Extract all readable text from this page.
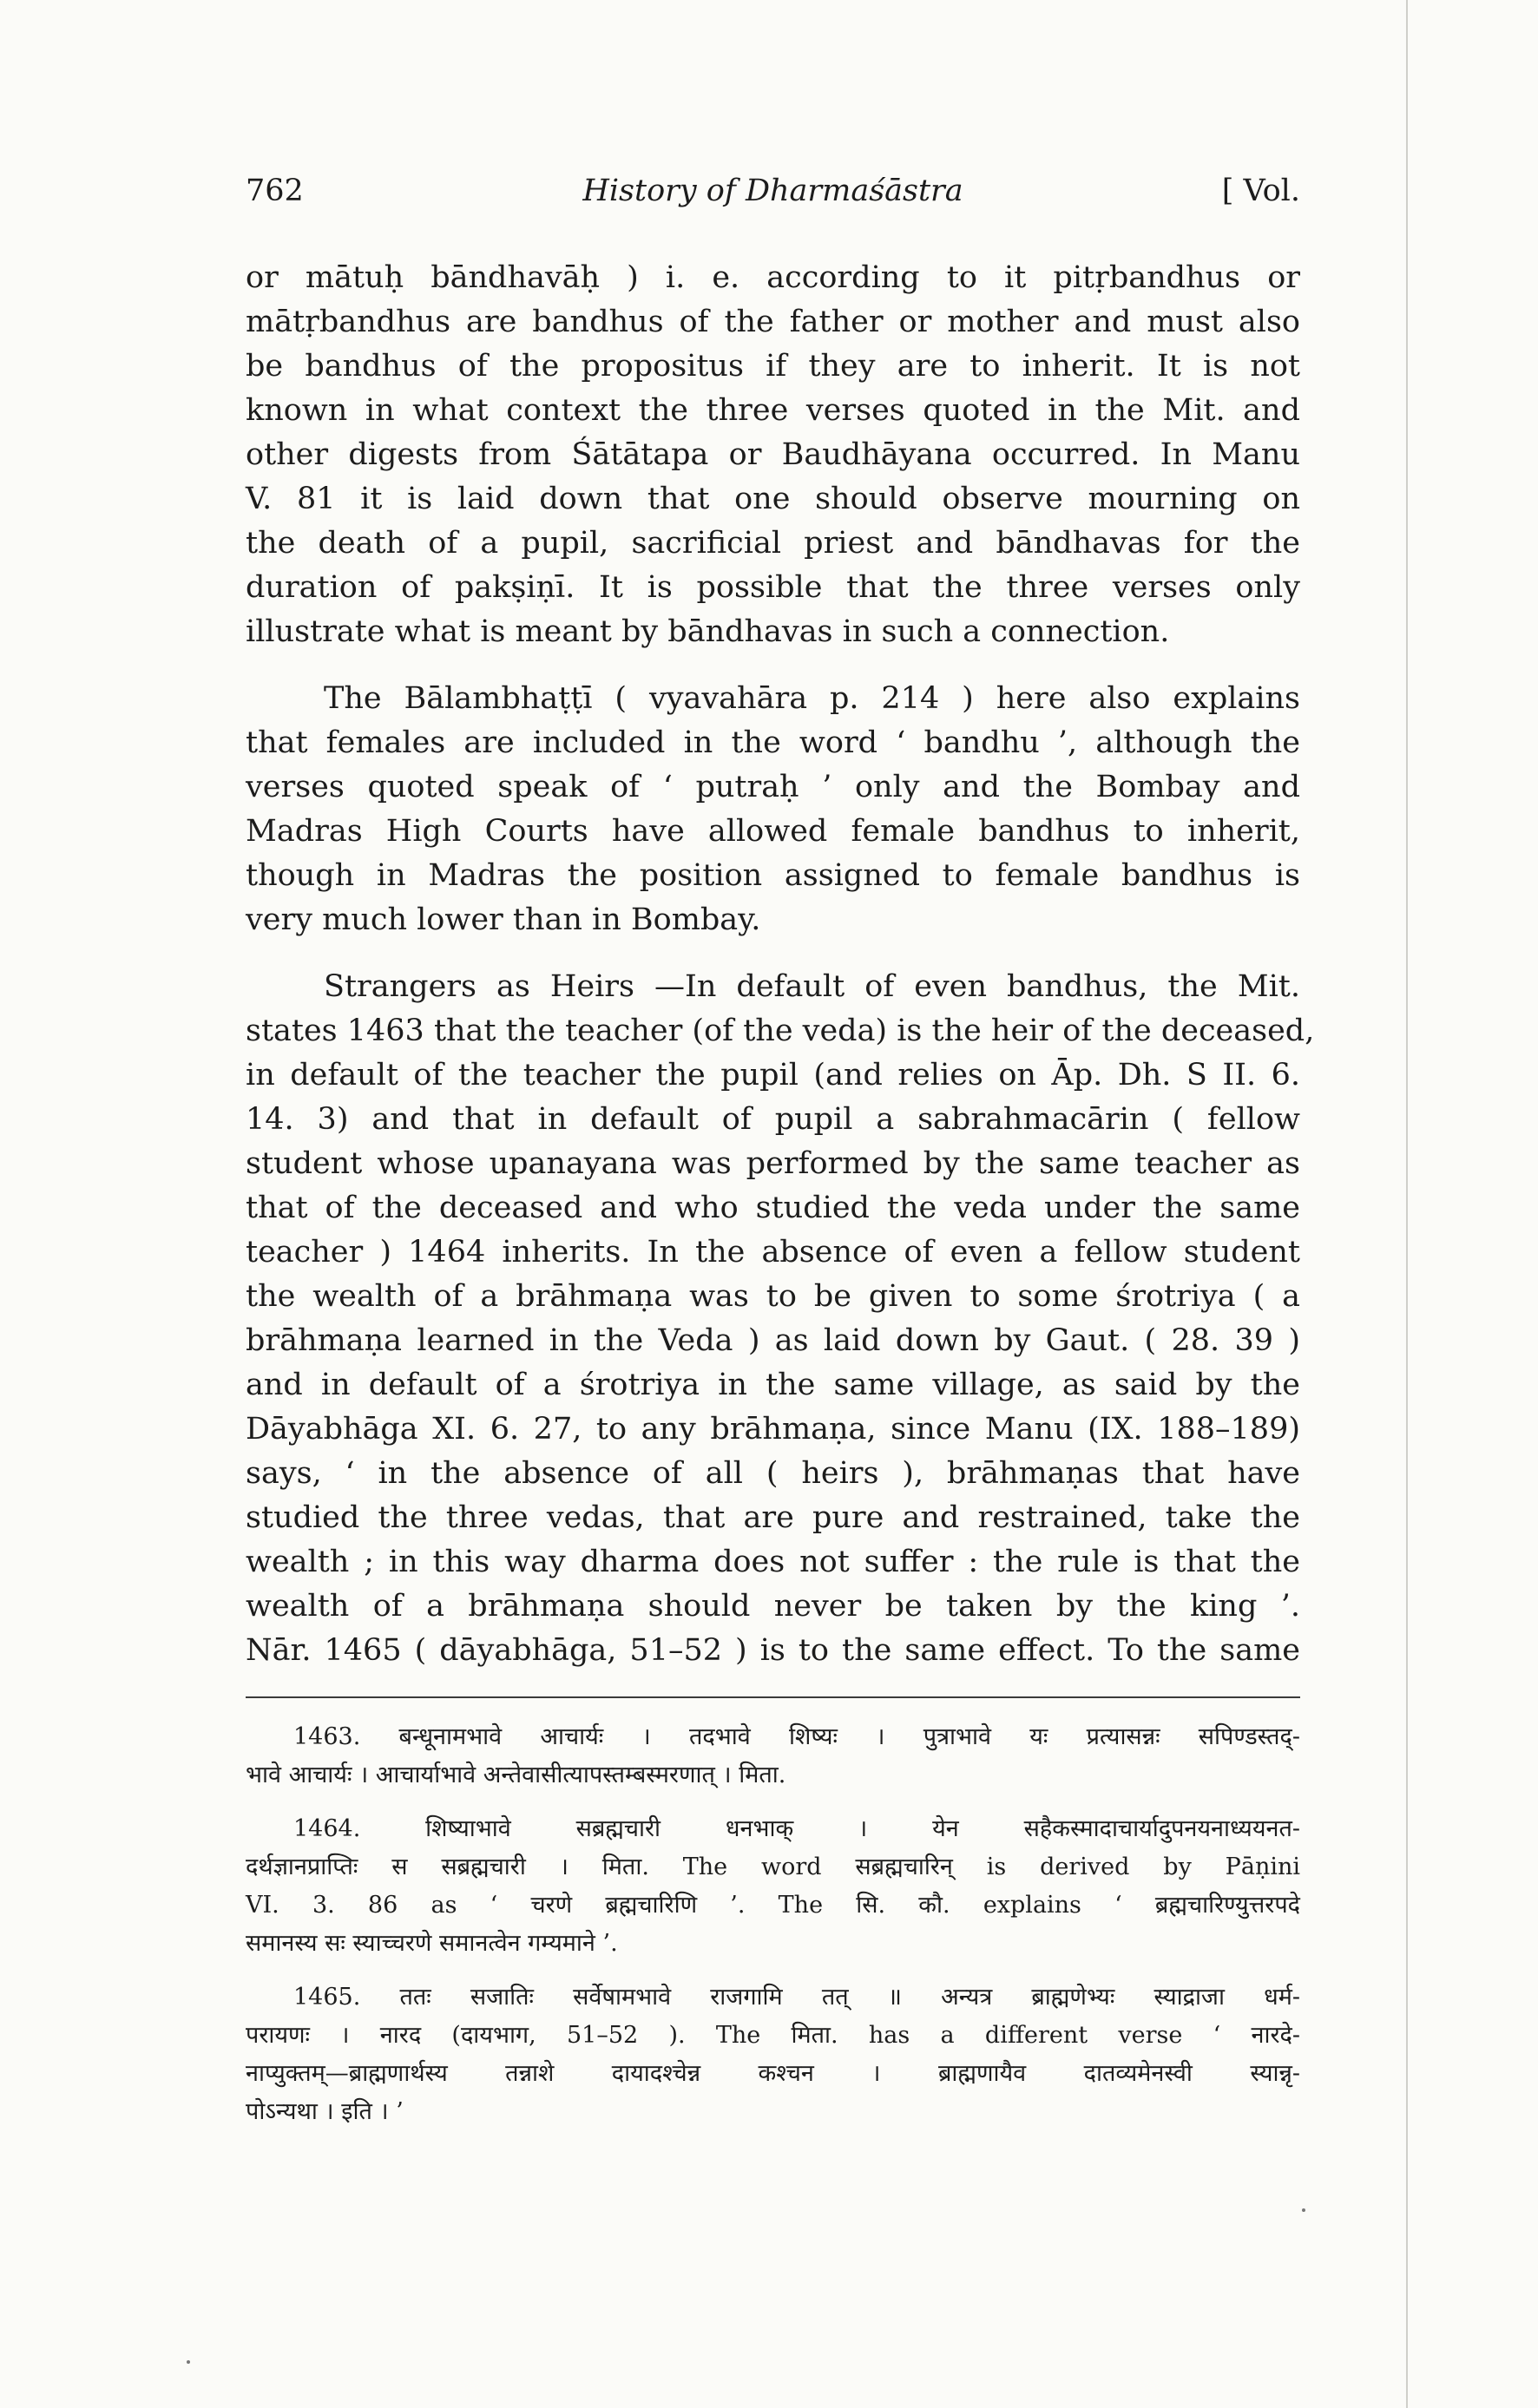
762	History of Dharmaśāstra	[ Vol.

or mātuḥ bāndhavāḥ ) i. e. according to it pitṛbandhus or
mātṛbandhus are bandhus of the father or mother and must also
be bandhus of the propositus if they are to inherit. It is not
known in what context the three verses quoted in the Mit. and
other digests from Śātātapa or Baudhāyana occurred. In Manu
V. 81 it is laid down that one should observe mourning on
the death of a pupil, sacrificial priest and bāndhavas for the
duration of pakṣiṇī. It is possible that the three verses only
illustrate what is meant by bāndhavas in such a connection.

The Bālambhaṭṭī ( vyavahāra p. 214 ) here also explains
that females are included in the word ‘ bandhu ’, although the
verses quoted speak of ‘ putraḥ ’ only and the Bombay and
Madras High Courts have allowed female bandhus to inherit,
though in Madras the position assigned to female bandhus is
very much lower than in Bombay.

Strangers as Heirs —In default of even bandhus, the Mit.
states 1463 that the teacher (of the veda) is the heir of the deceased,
in default of the teacher the pupil (and relies on Āp. Dh. S II. 6.
14. 3) and that in default of pupil a sabrahmacārin ( fellow
student whose upanayana was performed by the same teacher as
that of the deceased and who studied the veda under the same
teacher ) 1464 inherits. In the absence of even a fellow student
the wealth of a brāhmaṇa was to be given to some śrotriya ( a
brāhmaṇa learned in the Veda ) as laid down by Gaut. ( 28. 39 )
and in default of a śrotriya in the same village, as said by the
Dāyabhāga XI. 6. 27, to any brāhmaṇa, since Manu (IX. 188–189)
says, ‘ in the absence of all ( heirs ), brāhmaṇas that have
studied the three vedas, that are pure and restrained, take the
wealth ; in this way dharma does not suffer : the rule is that the
wealth of a brāhmaṇa should never be taken by the king ’.
Nār. 1465 ( dāyabhāga, 51–52 ) is to the same effect. To the same

1463. बन्धूनामभावे आचार्यः । तदभावे शिष्यः । पुत्राभावे यः प्रत्यासन्नः सपिण्डस्तद्-
भावे आचार्यः । आचार्याभावे अन्तेवासीत्यापस्तम्बस्मरणात् । मिता.
1464. शिष्याभावे सब्रह्मचारी धनभाक् । येन सहैकस्मादाचार्यादुपनयनाध्ययनत-
दर्थज्ञानप्राप्तिः स सब्रह्मचारी । मिता. The word सब्रह्मचारिन् is derived by Pāṇini
VI. 3. 86 as ‘ चरणे ब्रह्मचारिणि ’. The सि. कौ. explains ‘ ब्रह्मचारिण्युत्तरपदे
समानस्य सः स्याच्चरणे समानत्वेन गम्यमाने ’.
1465. ततः सजातिः सर्वेषामभावे राजगामि तत् ॥ अन्यत्र ब्राह्मणेभ्यः स्याद्राजा धर्म-
परायणः । नारद (दायभाग, 51–52 ). The मिता. has a different verse ‘ नारदे-
नाप्युक्तम्—ब्राह्मणार्थस्य तन्नाशे दायादश्चेन्न कश्चन । ब्राह्मणायैव दातव्यमेनस्वी स्यान्नृ-
पोऽन्यथा । इति । ’
